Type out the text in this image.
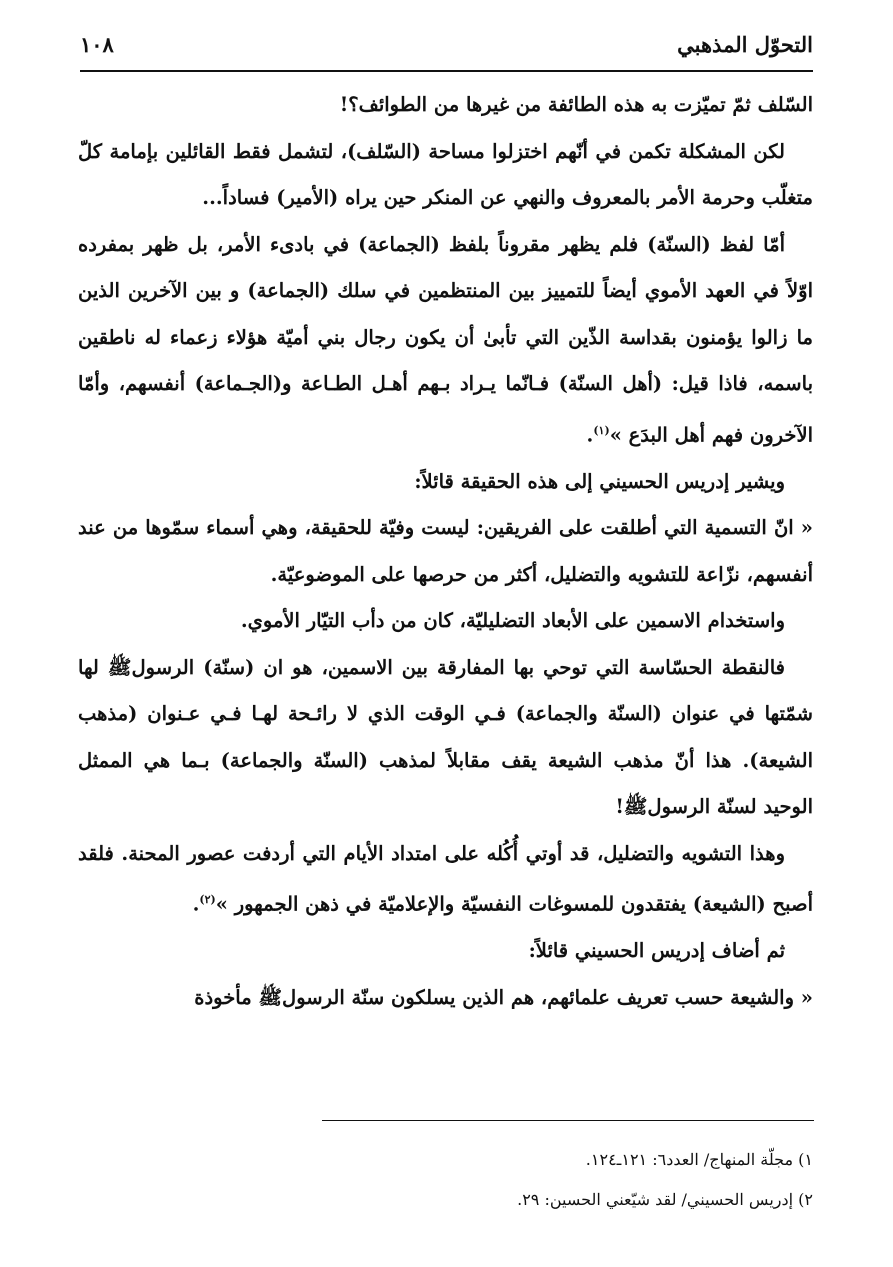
التحوّل المذهبي
١٠٨

السّلف ثمّ تميّزت به هذه الطائفة من غيرها من الطوائف؟!

لكن المشكلة تكمن في أنّهم اختزلوا مساحة (السّلف)، لتشمل فقط القائلين بإمامة كلّ متغلّب وحرمة الأمر بالمعروف والنهي عن المنكر حين يراه (الأمير) فساداً...

أمّا لفظ (السنّة) فلم يظهر مقروناً بلفظ (الجماعة) في بادىء الأمر، بل ظهر بمفرده اوّلاً في العهد الأموي أيضاً للتمييز بين المنتظمين في سلك (الجماعة) و بين الآخرين الذين ما زالوا يؤمنون بقداسة الذّين التي تأبىٰ أن يكون رجال بني أميّة هؤلاء زعماء له ناطقين باسمه، فاذا قيل: (أهل السنّة) فـانّما يـراد بـهم أهـل الطـاعة و(الجـماعة) أنفسهم، وأمّا الآخرون فهم أهل البدَع »$^{(١)}$.

ويشير إدريس الحسيني إلى هذه الحقيقة قائلاً:

« انّ التسمية التي أطلقت على الفريقين: ليست وفيّة للحقيقة، وهي أسماء سمّوها من عند أنفسهم، نزّاعة للتشويه والتضليل، أكثر من حرصها على الموضوعيّة.

واستخدام الاسمين على الأبعاد التضليليّة، كان من دأب التيّار الأموي.

فالنقطة الحسّاسة التي توحي بها المفارقة بين الاسمين، هو ان (سنّة) الرسولﷺ لها شمّتها في عنوان (السنّة والجماعة) فـي الوقت الذي لا رائـحة لهـا فـي عـنوان (مذهب الشيعة). هذا أنّ مذهب الشيعة يقف مقابلاً لمذهب (السنّة والجماعة) بـما هي الممثل الوحيد لسنّة الرسولﷺ!

وهذا التشويه والتضليل، قد أوتي أُكُله على امتداد الأيام التي أردفت عصور المحنة. فلقد أصبح (الشيعة) يفتقدون للمسوغات النفسيّة والإعلاميّة في ذهن الجمهور »$^{(٢)}$.

ثم أضاف إدريس الحسيني قائلاً:

« والشيعة حسب تعريف علمائهم، هم الذين يسلكون سنّة الرسولﷺ مأخوذة

١) مجلّة المنهاج/ العدد٦: ١٢١ـ١٢٤.
٢) إدريس الحسيني/ لقد شيّعني الحسين: ٢٩.
